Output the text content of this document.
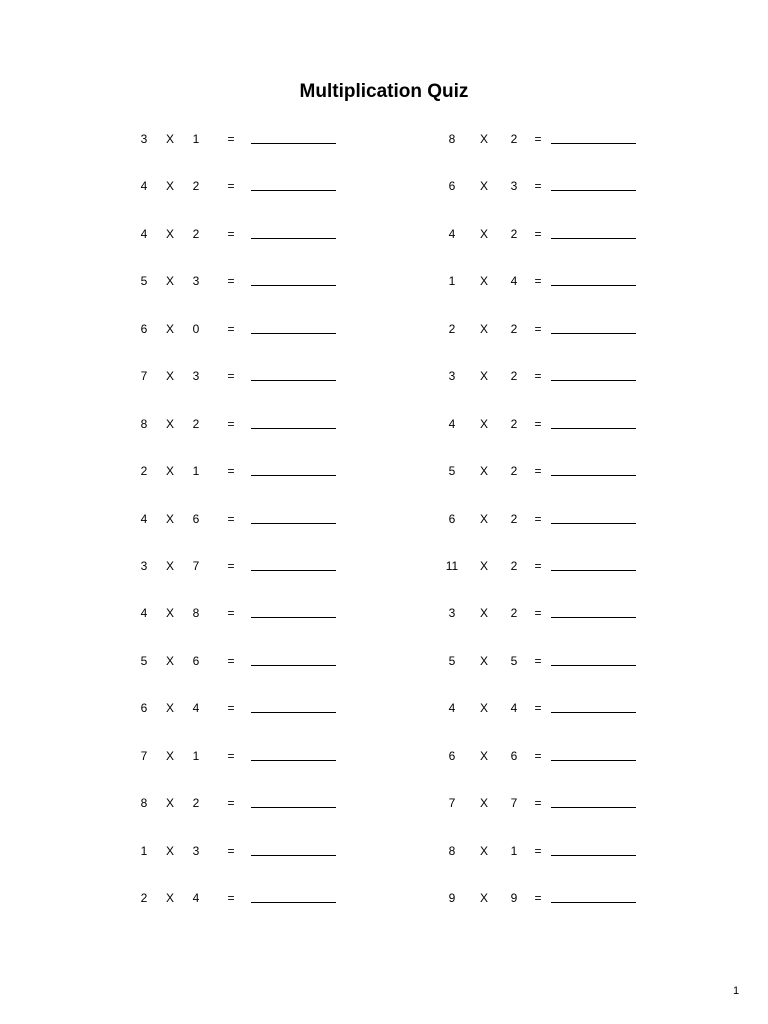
Multiplication Quiz
3	X	1	=
4	X	2	=
4	X	2	=
5	X	3	=
6	X	0	=
7	X	3	=
8	X	2	=
2	X	1	=
4	X	6	=
3	X	7	=
4	X	8	=
5	X	6	=
6	X	4	=
7	X	1	=
8	X	2	=
1	X	3	=
2	X	4	=
8	X	2	=
6	X	3	=
4	X	2	=
1	X	4	=
2	X	2	=
3	X	2	=
4	X	2	=
5	X	2	=
6	X	2	=
11	X	2	=
3	X	2	=
5	X	5	=
4	X	4	=
6	X	6	=
7	X	7	=
8	X	1	=
9	X	9	=
1
